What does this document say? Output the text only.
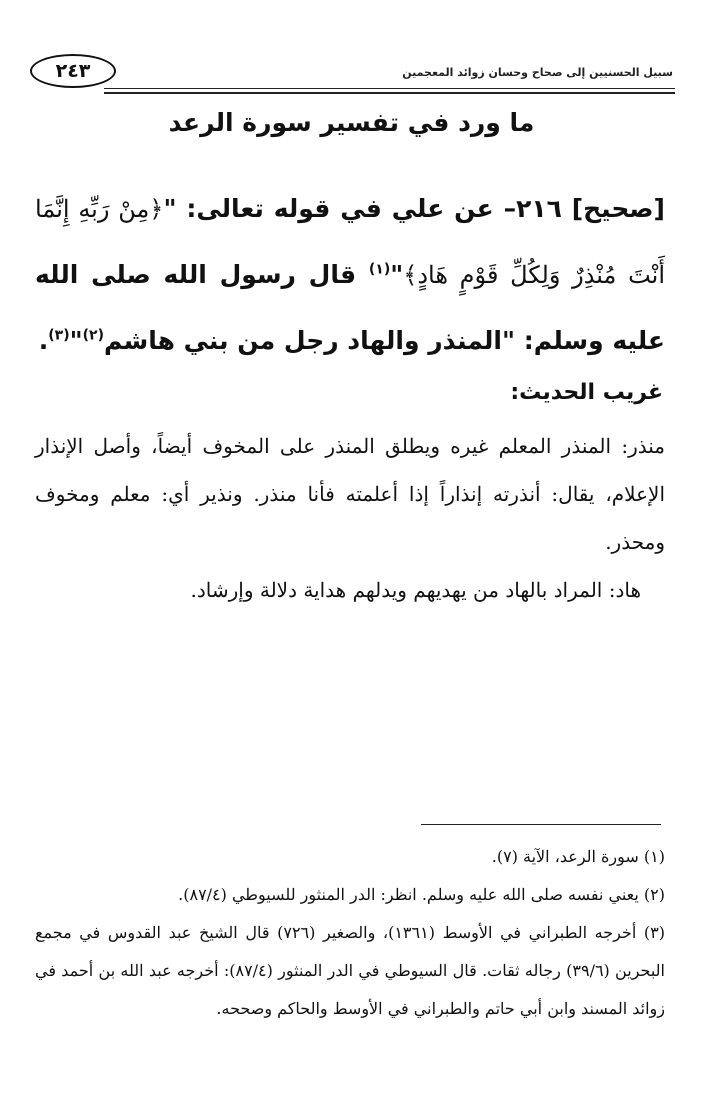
سبيل الحسنيين إلى صحاح وحسان زوائد المعجمين
٢٤٣
ما ورد في تفسير سورة الرعد
[صحيح] ٢١٦– عن علي في قوله تعالى: "﴿مِنْ رَبِّهِ إِنَّمَا أَنْتَ مُنْذِرٌ وَلِكُلِّ قَوْمٍ هَادٍ﴾"$^{(١)}$ قال رسول الله صلى الله عليه وسلم: "المنذر والهاد رجل من بني هاشم$^{(٢)}$"$^{(٣)}$.
غريب الحديث:

منذر: المنذر المعلم غيره ويطلق المنذر على المخوف أيضاً، وأصل الإنذار الإعلام، يقال: أنذرته إنذاراً إذا أعلمته فأنا منذر. ونذير أي: معلم ومخوف ومحذر.

هاد: المراد بالهاد من يهديهم ويدلهم هداية دلالة وإرشاد.

(١) سورة الرعد، الآية (٧).

(٢) يعني نفسه صلى الله عليه وسلم. انظر: الدر المنثور للسيوطي (٨٧/٤).

(٣) أخرجه الطبراني في الأوسط (١٣٦١)، والصغير (٧٢٦) قال الشيخ عبد القدوس في مجمع البحرين (٣٩/٦) رجاله ثقات. قال السيوطي في الدر المنثور (٨٧/٤): أخرجه عبد الله بن أحمد في زوائد المسند وابن أبي حاتم والطبراني في الأوسط والحاكم وصححه.
